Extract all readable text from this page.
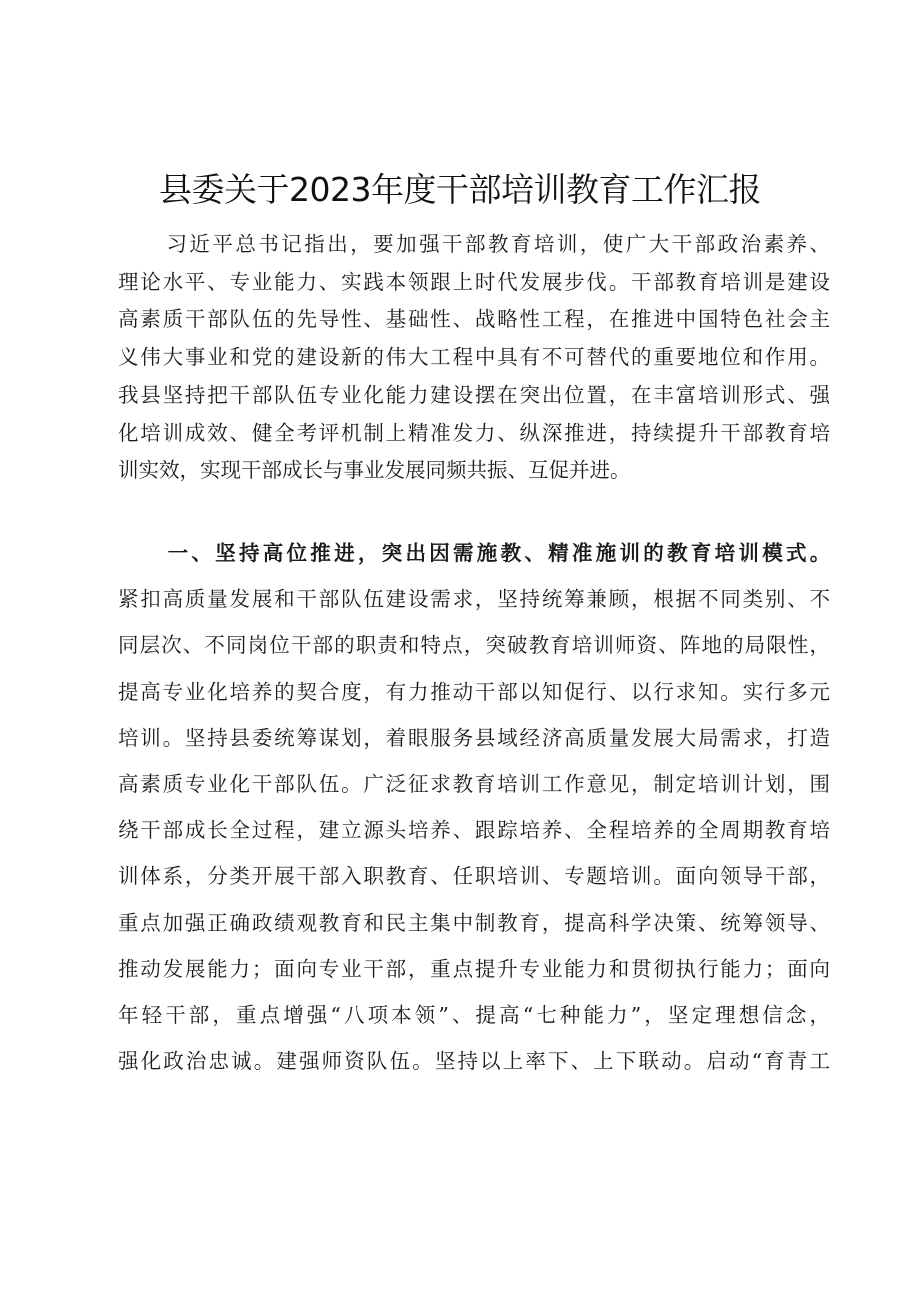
县委关于2023年度干部培训教育工作汇报
习近平总书记指出，要加强干部教育培训，使广大干部政治素养、
理论水平、专业能力、实践本领跟上时代发展步伐。干部教育培训是建设
高素质干部队伍的先导性、基础性、战略性工程，在推进中国特色社会主
义伟大事业和党的建设新的伟大工程中具有不可替代的重要地位和作用。
我县坚持把干部队伍专业化能力建设摆在突出位置，在丰富培训形式、强
化培训成效、健全考评机制上精准发力、纵深推进，持续提升干部教育培
训实效，实现干部成长与事业发展同频共振、互促并进。
一、坚持高位推进，突出因需施教、精准施训的教育培训模式。
紧扣高质量发展和干部队伍建设需求，坚持统筹兼顾，根据不同类别、不
同层次、不同岗位干部的职责和特点，突破教育培训师资、阵地的局限性，
提高专业化培养的契合度，有力推动干部以知促行、以行求知。实行多元
培训。坚持县委统筹谋划，着眼服务县域经济高质量发展大局需求，打造
高素质专业化干部队伍。广泛征求教育培训工作意见，制定培训计划，围
绕干部成长全过程，建立源头培养、跟踪培养、全程培养的全周期教育培
训体系，分类开展干部入职教育、任职培训、专题培训。面向领导干部，
重点加强正确政绩观教育和民主集中制教育，提高科学决策、统筹领导、
推动发展能力；面向专业干部，重点提升专业能力和贯彻执行能力；面向
年轻干部，重点增强“八项本领”、提高“七种能力”，坚定理想信念，
强化政治忠诚。建强师资队伍。坚持以上率下、上下联动。启动“育青工
